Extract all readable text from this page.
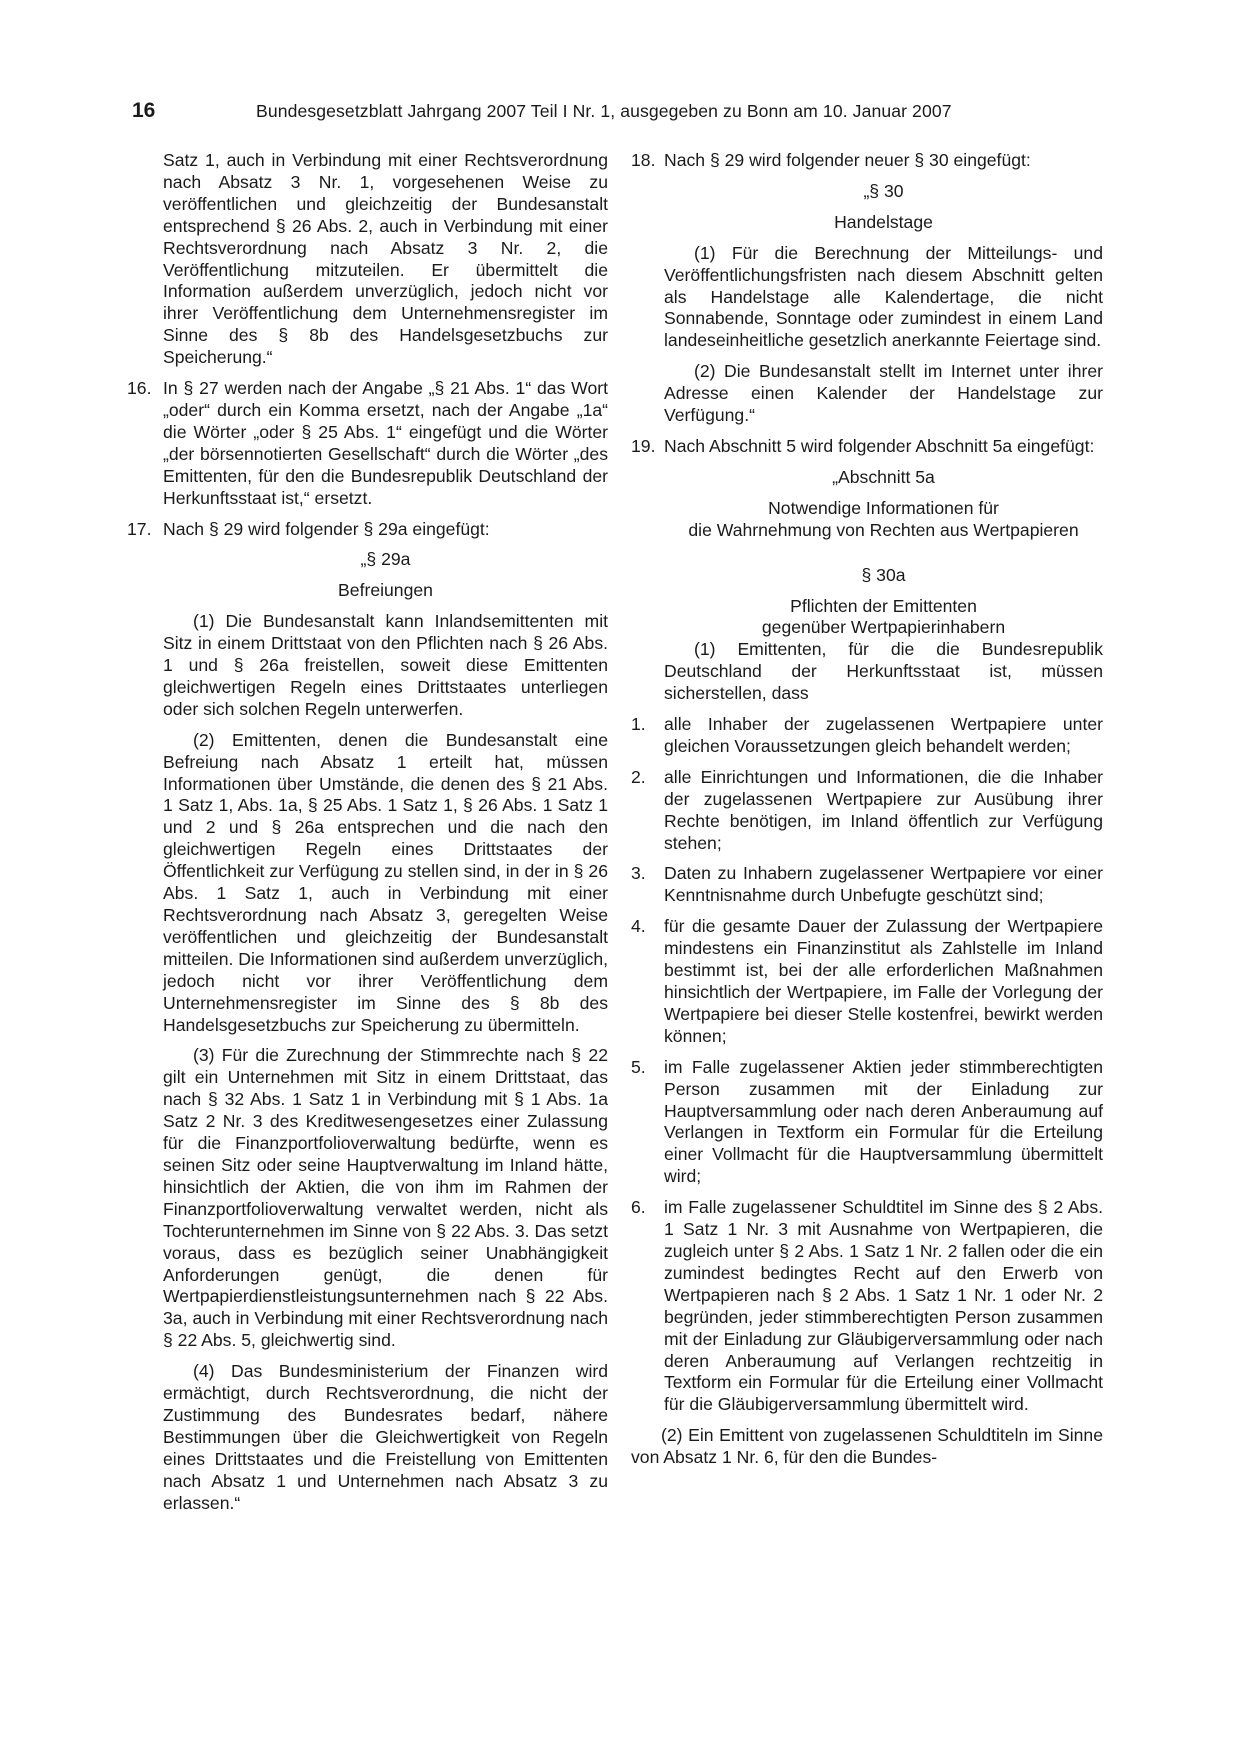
16	Bundesgesetzblatt Jahrgang 2007 Teil I Nr. 1, ausgegeben zu Bonn am 10. Januar 2007

Satz 1, auch in Verbindung mit einer Rechtsverordnung nach Absatz 3 Nr. 1, vorgesehenen Weise zu veröffentlichen und gleichzeitig der Bundesanstalt entsprechend § 26 Abs. 2, auch in Verbindung mit einer Rechtsverordnung nach Absatz 3 Nr. 2, die Veröffentlichung mitzuteilen. Er übermittelt die Information außerdem unverzüglich, jedoch nicht vor ihrer Veröffentlichung dem Unternehmensregister im Sinne des § 8b des Handelsgesetzbuchs zur Speicherung.“

16. In § 27 werden nach der Angabe „§ 21 Abs. 1“ das Wort „oder“ durch ein Komma ersetzt, nach der Angabe „1a“ die Wörter „oder § 25 Abs. 1“ eingefügt und die Wörter „der börsennotierten Gesellschaft“ durch die Wörter „des Emittenten, für den die Bundesrepublik Deutschland der Herkunftsstaat ist,“ ersetzt.
17. Nach § 29 wird folgender § 29a eingefügt:

„§ 29a

Befreiungen

(1) Die Bundesanstalt kann Inlandsemittenten mit Sitz in einem Drittstaat von den Pflichten nach § 26 Abs. 1 und § 26a freistellen, soweit diese Emittenten gleichwertigen Regeln eines Drittstaates unterliegen oder sich solchen Regeln unterwerfen.

(2) Emittenten, denen die Bundesanstalt eine Befreiung nach Absatz 1 erteilt hat, müssen Informationen über Umstände, die denen des § 21 Abs. 1 Satz 1, Abs. 1a, § 25 Abs. 1 Satz 1, § 26 Abs. 1 Satz 1 und 2 und § 26a entsprechen und die nach den gleichwertigen Regeln eines Drittstaates der Öffentlichkeit zur Verfügung zu stellen sind, in der in § 26 Abs. 1 Satz 1, auch in Verbindung mit einer Rechtsverordnung nach Absatz 3, geregelten Weise veröffentlichen und gleichzeitig der Bundesanstalt mitteilen. Die Informationen sind außerdem unverzüglich, jedoch nicht vor ihrer Veröffentlichung dem Unternehmensregister im Sinne des § 8b des Handelsgesetzbuchs zur Speicherung zu übermitteln.

(3) Für die Zurechnung der Stimmrechte nach § 22 gilt ein Unternehmen mit Sitz in einem Drittstaat, das nach § 32 Abs. 1 Satz 1 in Verbindung mit § 1 Abs. 1a Satz 2 Nr. 3 des Kreditwesengesetzes einer Zulassung für die Finanzportfolioverwaltung bedürfte, wenn es seinen Sitz oder seine Hauptverwaltung im Inland hätte, hinsichtlich der Aktien, die von ihm im Rahmen der Finanzportfolioverwaltung verwaltet werden, nicht als Tochterunternehmen im Sinne von § 22 Abs. 3. Das setzt voraus, dass es bezüglich seiner Unabhängigkeit Anforderungen genügt, die denen für Wertpapierdienstleistungsunternehmen nach § 22 Abs. 3a, auch in Verbindung mit einer Rechtsverordnung nach § 22 Abs. 5, gleichwertig sind.

(4) Das Bundesministerium der Finanzen wird ermächtigt, durch Rechtsverordnung, die nicht der Zustimmung des Bundesrates bedarf, nähere Bestimmungen über die Gleichwertigkeit von Regeln eines Drittstaates und die Freistellung von Emittenten nach Absatz 1 und Unternehmen nach Absatz 3 zu erlassen.“

18. Nach § 29 wird folgender neuer § 30 eingefügt:

„§ 30

Handelstage

(1) Für die Berechnung der Mitteilungs- und Veröffentlichungsfristen nach diesem Abschnitt gelten als Handelstage alle Kalendertage, die nicht Sonnabende, Sonntage oder zumindest in einem Land landeseinheitliche gesetzlich anerkannte Feiertage sind.

(2) Die Bundesanstalt stellt im Internet unter ihrer Adresse einen Kalender der Handelstage zur Verfügung.“

19. Nach Abschnitt 5 wird folgender Abschnitt 5a eingefügt:

„Abschnitt 5a

Notwendige Informationen für

die Wahrnehmung von Rechten aus Wertpapieren

§ 30a

Pflichten der Emittenten

gegenüber Wertpapierinhabern

(1) Emittenten, für die die Bundesrepublik Deutschland der Herkunftsstaat ist, müssen sicherstellen, dass

1.	alle Inhaber der zugelassenen Wertpapiere unter gleichen Voraussetzungen gleich behandelt werden;
2.	alle Einrichtungen und Informationen, die die Inhaber der zugelassenen Wertpapiere zur Ausübung ihrer Rechte benötigen, im Inland öffentlich zur Verfügung stehen;
3.	Daten zu Inhabern zugelassener Wertpapiere vor einer Kenntnisnahme durch Unbefugte geschützt sind;
4.	für die gesamte Dauer der Zulassung der Wertpapiere mindestens ein Finanzinstitut als Zahlstelle im Inland bestimmt ist, bei der alle erforderlichen Maßnahmen hinsichtlich der Wertpapiere, im Falle der Vorlegung der Wertpapiere bei dieser Stelle kostenfrei, bewirkt werden können;
5.	im Falle zugelassener Aktien jeder stimmberechtigten Person zusammen mit der Einladung zur Hauptversammlung oder nach deren Anberaumung auf Verlangen in Textform ein Formular für die Erteilung einer Vollmacht für die Hauptversammlung übermittelt wird;
6.	im Falle zugelassener Schuldtitel im Sinne des § 2 Abs. 1 Satz 1 Nr. 3 mit Ausnahme von Wertpapieren, die zugleich unter § 2 Abs. 1 Satz 1 Nr. 2 fallen oder die ein zumindest bedingtes Recht auf den Erwerb von Wertpapieren nach § 2 Abs. 1 Satz 1 Nr. 1 oder Nr. 2 begründen, jeder stimmberechtigten Person zusammen mit der Einladung zur Gläubigerversammlung oder nach deren Anberaumung auf Verlangen rechtzeitig in Textform ein Formular für die Erteilung einer Vollmacht für die Gläubigerversammlung übermittelt wird.

(2) Ein Emittent von zugelassenen Schuldtiteln im Sinne von Absatz 1 Nr. 6, für den die Bundes-
